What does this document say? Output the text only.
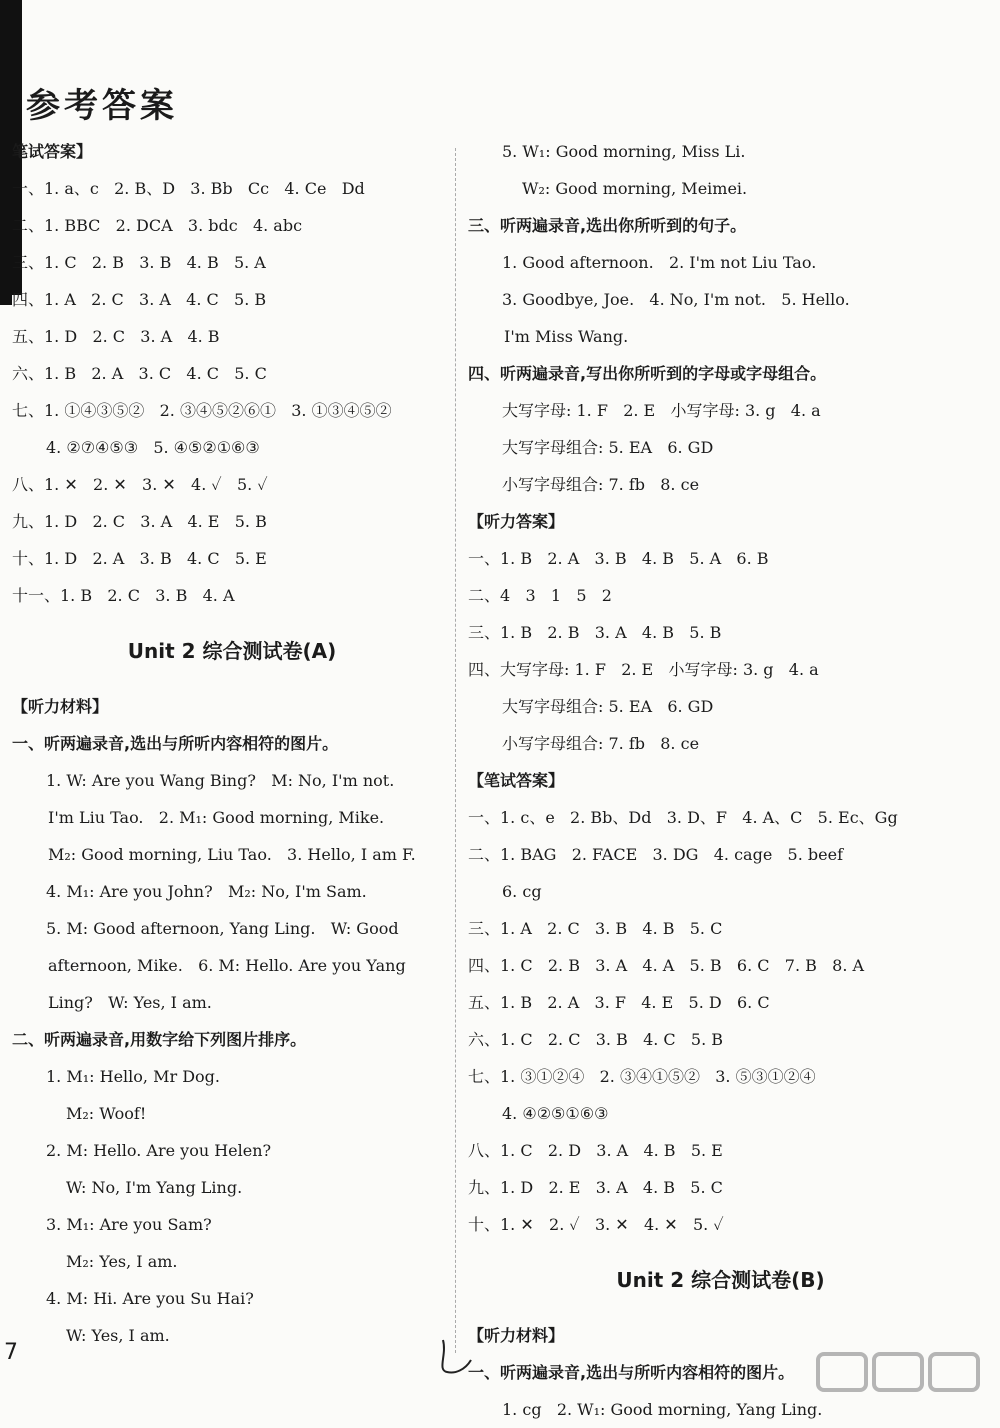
参考答案
笔试答案】
一、1. a、c   2. B、D   3. Bb   Cc   4. Ce   Dd
二、1. BBC   2. DCA   3. bdc   4. abc
三、1. C   2. B   3. B   4. B   5. A
四、1. A   2. C   3. A   4. C   5. B
五、1. D   2. C   3. A   4. B
六、1. B   2. A   3. C   4. C   5. C
七、1. ①④③⑤②   2. ③④⑤②⑥①   3. ①③④⑤②
4. ②⑦④⑤③   5. ④⑤②①⑥③
八、1. ✕   2. ✕   3. ✕   4. ✓   5. ✓
九、1. D   2. C   3. A   4. E   5. B
十、1. D   2. A   3. B   4. C   5. E
十一、1. B   2. C   3. B   4. A
Unit 2 综合测试卷(A)
【听力材料】
一、听两遍录音,选出与所听内容相符的图片。
1. W: Are you Wang Bing?   M: No, I'm not.
I'm Liu Tao.   2. M₁: Good morning, Mike.
M₂: Good morning, Liu Tao.   3. Hello, I am F.
4. M₁: Are you John?   M₂: No, I'm Sam.
5. M: Good afternoon, Yang Ling.   W: Good
afternoon, Mike.   6. M: Hello. Are you Yang
Ling?   W: Yes, I am.
二、听两遍录音,用数字给下列图片排序。
1. M₁: Hello, Mr Dog.
M₂: Woof!
2. M: Hello. Are you Helen?
W: No, I'm Yang Ling.
3. M₁: Are you Sam?
M₂: Yes, I am.
4. M: Hi. Are you Su Hai?
W: Yes, I am.
5. W₁: Good morning, Miss Li.
W₂: Good morning, Meimei.
三、听两遍录音,选出你所听到的句子。
1. Good afternoon.   2. I'm not Liu Tao.
3. Goodbye, Joe.   4. No, I'm not.   5. Hello.
I'm Miss Wang.
四、听两遍录音,写出你所听到的字母或字母组合。
大写字母: 1. F   2. E   小写字母: 3. g   4. a
大写字母组合: 5. EA   6. GD
小写字母组合: 7. fb   8. ce
【听力答案】
一、1. B   2. A   3. B   4. B   5. A   6. B
二、4   3   1   5   2
三、1. B   2. B   3. A   4. B   5. B
四、大写字母: 1. F   2. E   小写字母: 3. g   4. a
大写字母组合: 5. EA   6. GD
小写字母组合: 7. fb   8. ce
【笔试答案】
一、1. c、e   2. Bb、Dd   3. D、F   4. A、C   5. Ec、Gg
二、1. BAG   2. FACE   3. DG   4. cage   5. beef
6. cg
三、1. A   2. C   3. B   4. B   5. C
四、1. C   2. B   3. A   4. A   5. B   6. C   7. B   8. A
五、1. B   2. A   3. F   4. E   5. D   6. C
六、1. C   2. C   3. B   4. C   5. B
七、1. ③①②④   2. ③④①⑤②   3. ⑤③①②④
4. ④②⑤①⑥③
八、1. C   2. D   3. A   4. B   5. E
九、1. D   2. E   3. A   4. B   5. C
十、1. ✕   2. ✓   3. ✕   4. ✕   5. ✓
Unit 2 综合测试卷(B)
【听力材料】
一、听两遍录音,选出与所听内容相符的图片。
1. cg   2. W₁: Good morning, Yang Ling.
7
